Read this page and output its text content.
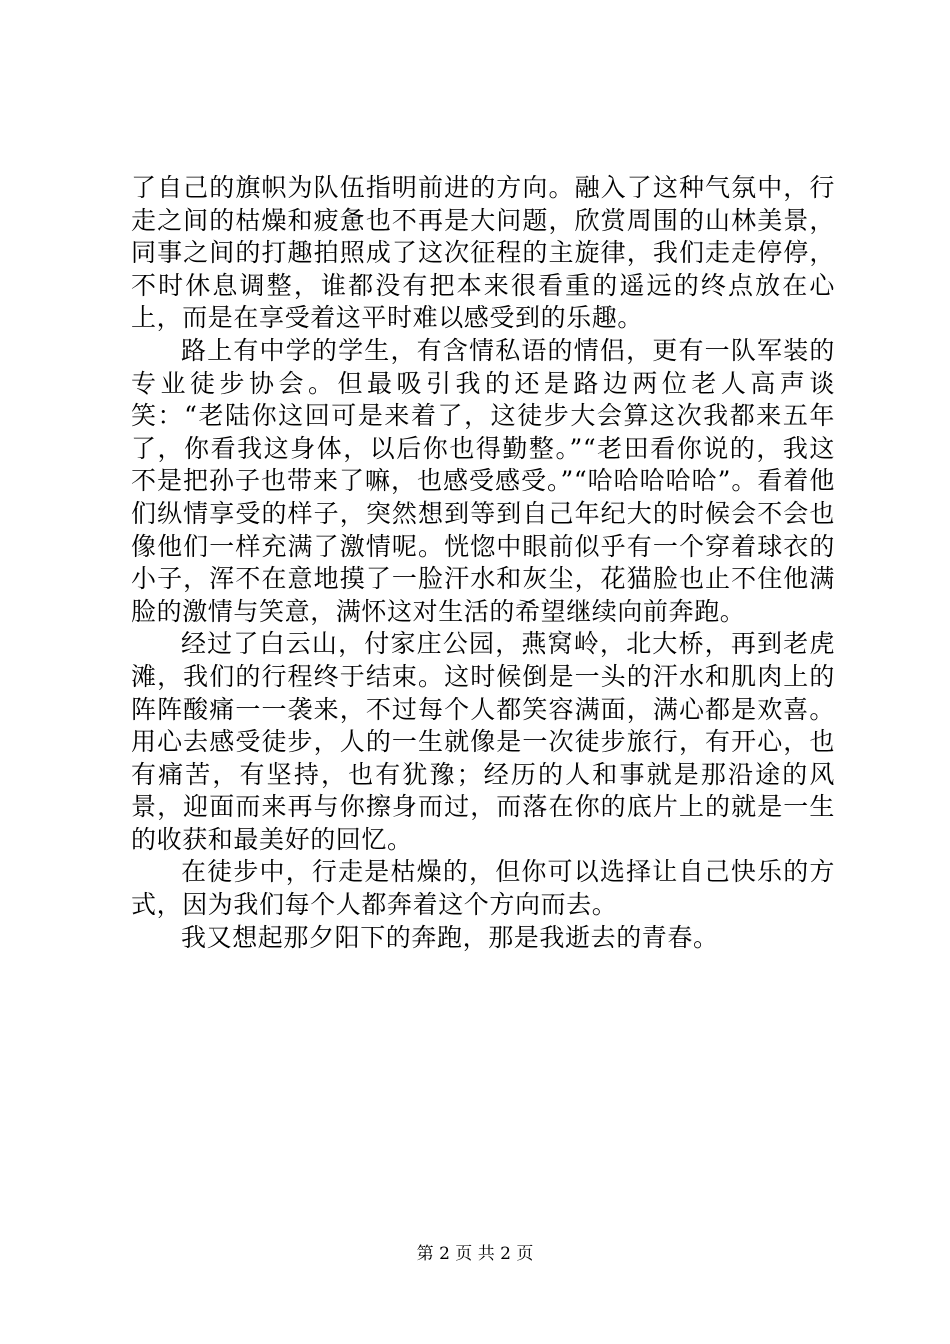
了自己的旗帜为队伍指明前进的方向。融入了这种气氛中，行走之间的枯燥和疲惫也不再是大问题，欣赏周围的山林美景，同事之间的打趣拍照成了这次征程的主旋律，我们走走停停，不时休息调整，谁都没有把本来很看重的遥远的终点放在心上，而是在享受着这平时难以感受到的乐趣。

路上有中学的学生，有含情私语的情侣，更有一队军装的专业徒步协会。但最吸引我的还是路边两位老人高声谈笑：“老陆你这回可是来着了，这徒步大会算这次我都来五年了，你看我这身体，以后你也得勤整。”“老田看你说的，我这不是把孙子也带来了嘛，也感受感受。”“哈哈哈哈哈”。看着他们纵情享受的样子，突然想到等到自己年纪大的时候会不会也像他们一样充满了激情呢。恍惚中眼前似乎有一个穿着球衣的小子，浑不在意地摸了一脸汗水和灰尘，花猫脸也止不住他满脸的激情与笑意，满怀这对生活的希望继续向前奔跑。

经过了白云山，付家庄公园，燕窝岭，北大桥，再到老虎滩，我们的行程终于结束。这时候倒是一头的汗水和肌肉上的阵阵酸痛一一袭来，不过每个人都笑容满面，满心都是欢喜。用心去感受徒步，人的一生就像是一次徒步旅行，有开心，也有痛苦，有坚持，也有犹豫；经历的人和事就是那沿途的风景，迎面而来再与你擦身而过，而落在你的底片上的就是一生的收获和最美好的回忆。

在徒步中，行走是枯燥的，但你可以选择让自己快乐的方式，因为我们每个人都奔着这个方向而去。

我又想起那夕阳下的奔跑，那是我逝去的青春。

第 2 页 共 2 页
